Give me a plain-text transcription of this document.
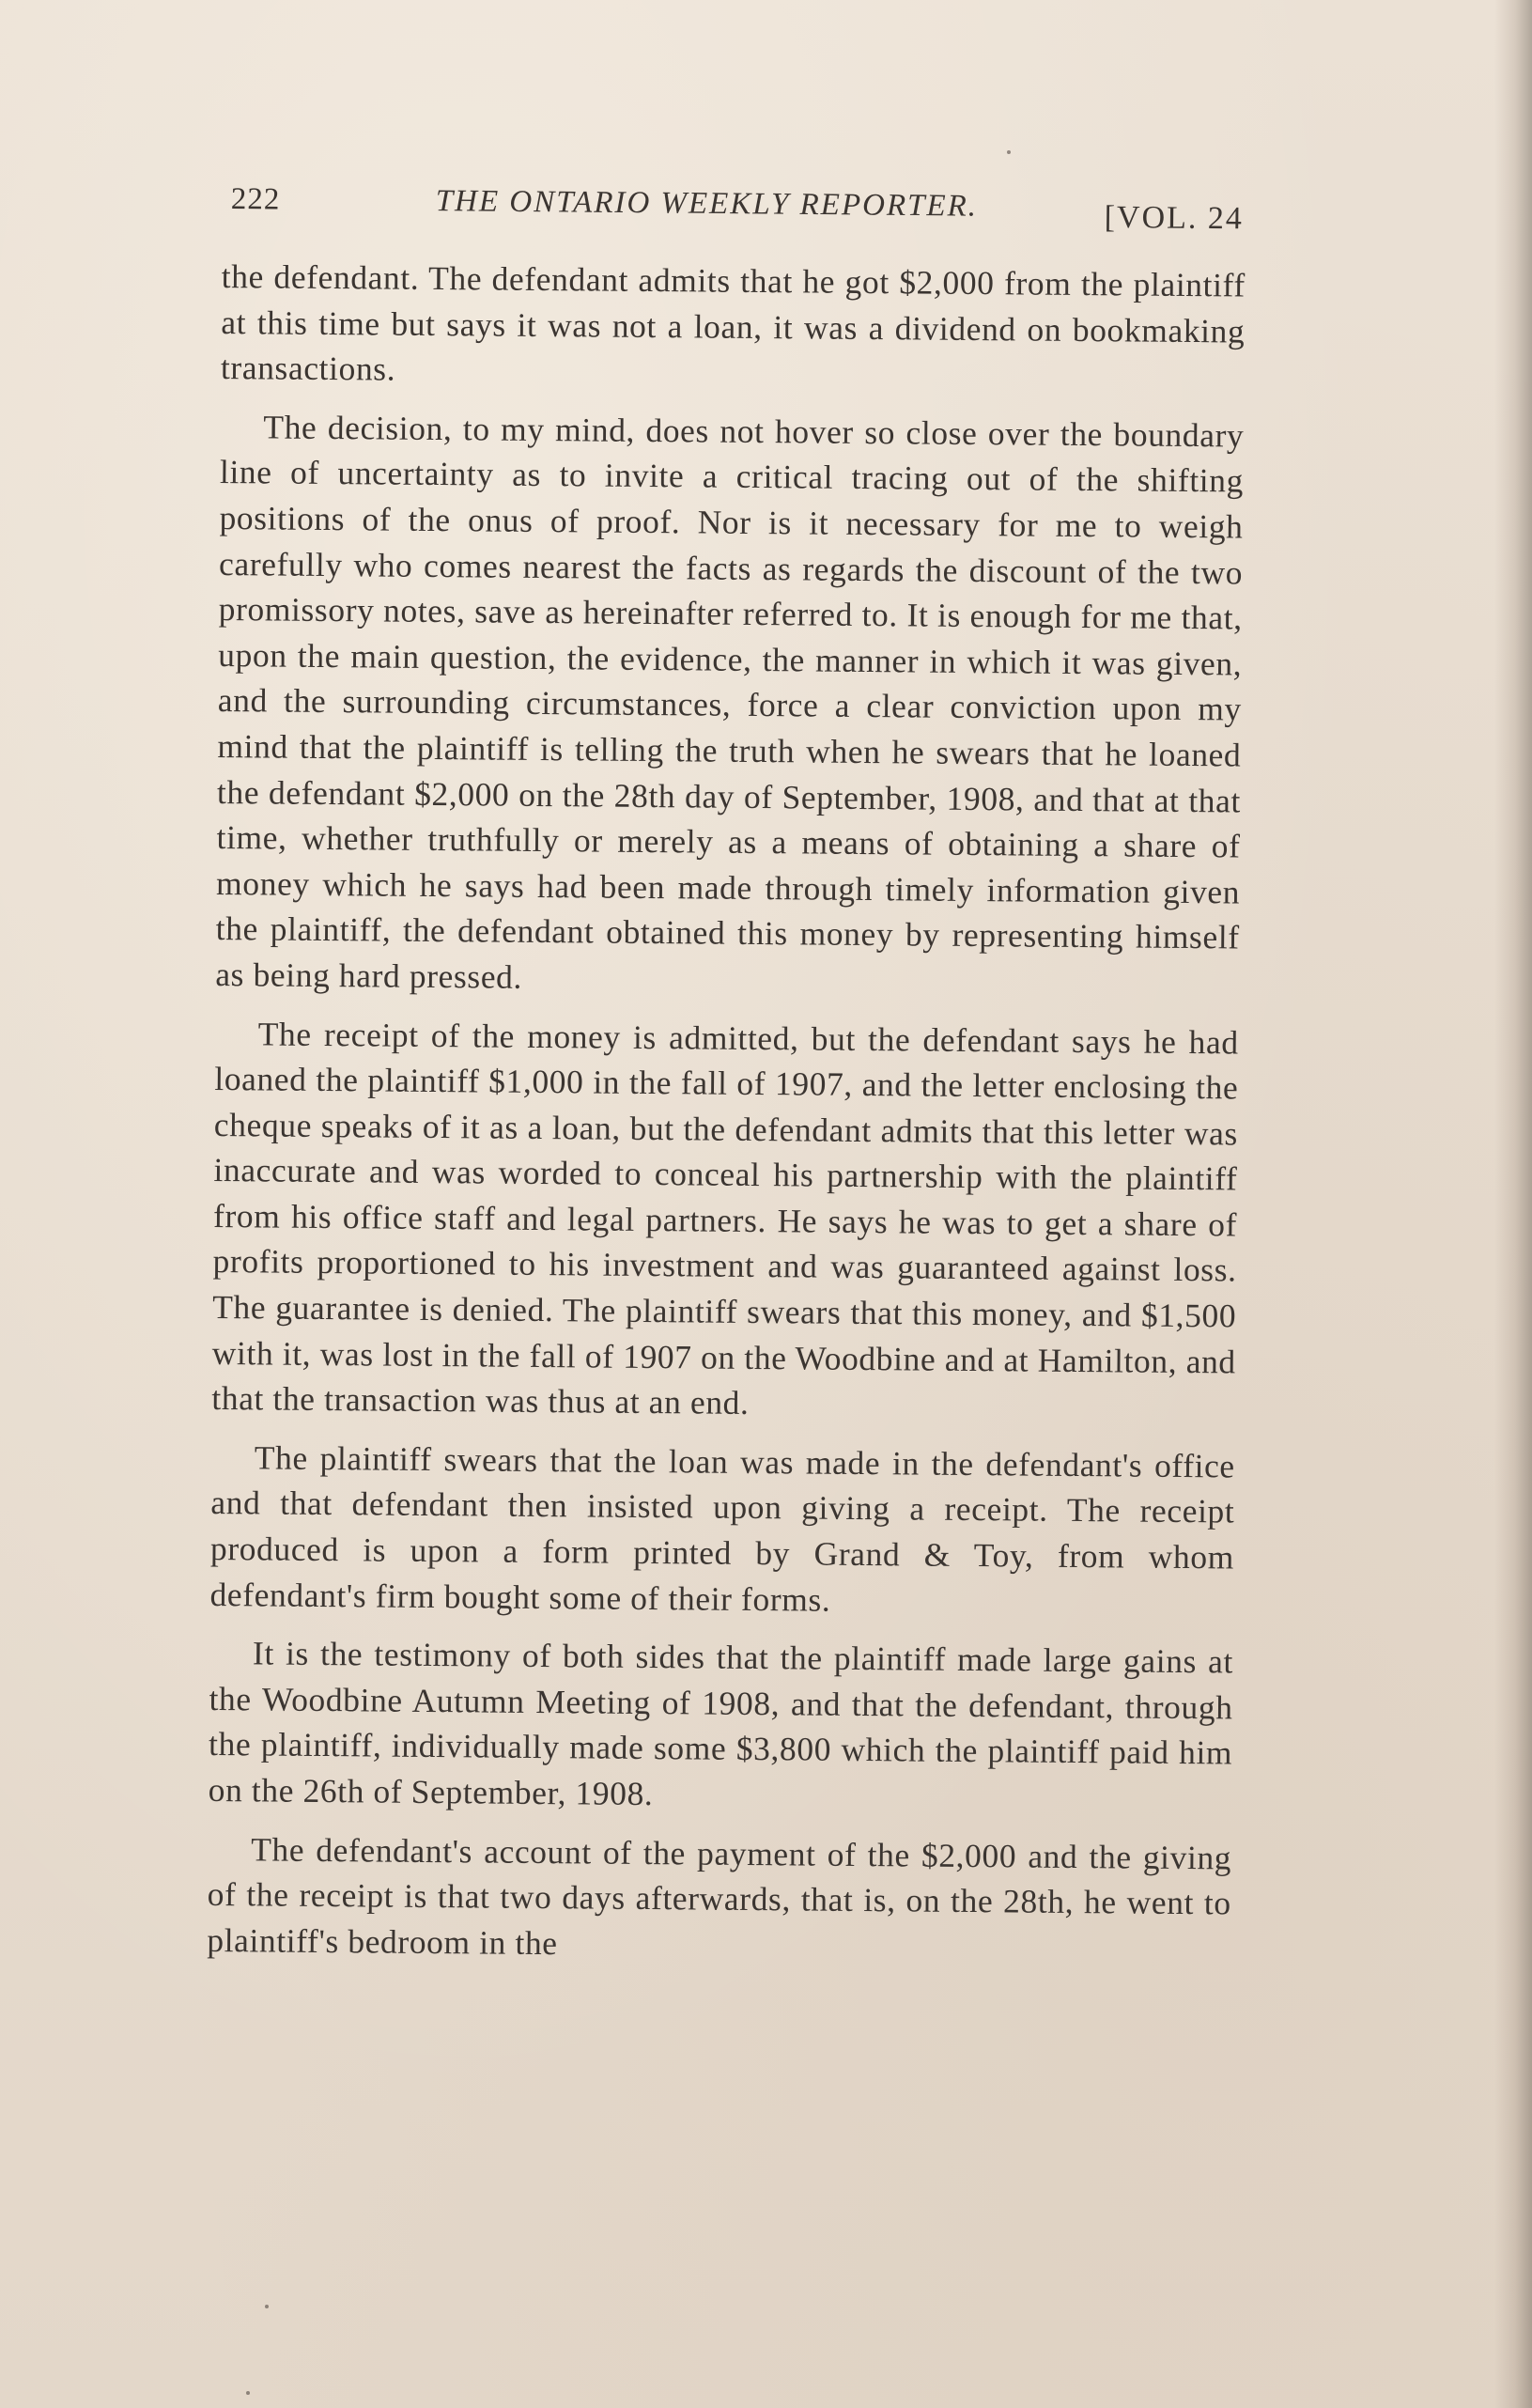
222	THE ONTARIO WEEKLY REPORTER.	[VOL. 24

the defendant. The defendant admits that he got $2,000 from the plaintiff at this time but says it was not a loan, it was a dividend on bookmaking transactions.

The decision, to my mind, does not hover so close over the boundary line of uncertainty as to invite a critical tracing out of the shifting positions of the onus of proof. Nor is it necessary for me to weigh carefully who comes nearest the facts as regards the discount of the two promissory notes, save as hereinafter referred to. It is enough for me that, upon the main question, the evidence, the manner in which it was given, and the surrounding circumstances, force a clear conviction upon my mind that the plaintiff is telling the truth when he swears that he loaned the defendant $2,000 on the 28th day of September, 1908, and that at that time, whether truthfully or merely as a means of obtaining a share of money which he says had been made through timely information given the plaintiff, the defendant obtained this money by representing himself as being hard pressed.

The receipt of the money is admitted, but the defendant says he had loaned the plaintiff $1,000 in the fall of 1907, and the letter enclosing the cheque speaks of it as a loan, but the defendant admits that this letter was inaccurate and was worded to conceal his partnership with the plaintiff from his office staff and legal partners. He says he was to get a share of profits proportioned to his investment and was guaranteed against loss. The guarantee is denied. The plaintiff swears that this money, and $1,500 with it, was lost in the fall of 1907 on the Woodbine and at Hamilton, and that the transaction was thus at an end.

The plaintiff swears that the loan was made in the defendant's office and that defendant then insisted upon giving a receipt. The receipt produced is upon a form printed by Grand & Toy, from whom defendant's firm bought some of their forms.

It is the testimony of both sides that the plaintiff made large gains at the Woodbine Autumn Meeting of 1908, and that the defendant, through the plaintiff, individually made some $3,800 which the plaintiff paid him on the 26th of September, 1908.

The defendant's account of the payment of the $2,000 and the giving of the receipt is that two days afterwards, that is, on the 28th, he went to plaintiff's bedroom in the
